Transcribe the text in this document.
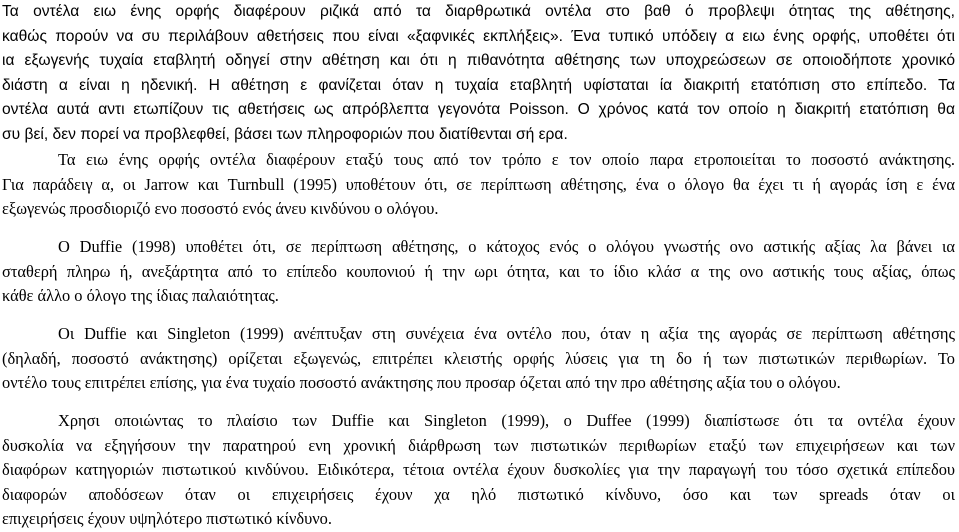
Τα οντέλα ειω ένης ορφής διαφέρουν ριζικά από τα διαρθρωτικά οντέλα στο βαθ ό προβλεψι ότητας της αθέτησης,
καθώς πορούν να συ περιλάβουν αθετήσεις που είναι «ξαφνικές εκπλήξεις». Ένα τυπικό υπόδειγ α ειω ένης ορφής, υποθέτει ότι
ια εξωγενής τυχαία εταβλητή οδηγεί στην αθέτηση και ότι η πιθανότητα αθέτησης των υποχρεώσεων σε οποιοδήποτε χρονικό
διάστη α είναι η ηδενική. Η αθέτηση ε φανίζεται όταν η τυχαία εταβλητή υφίσταται ία διακριτή ετατόπιση στο επίπεδο. Τα
οντέλα αυτά αντι ετωπίζουν τις αθετήσεις ως απρόβλεπτα γεγονότα Poisson. Ο χρόνος κατά τον οποίο η διακριτή ετατόπιση θα
συ βεί, δεν πορεί να προβλεφθεί, βάσει των πληροφοριών που διατίθενται σή ερα.
Τα ειω ένης ορφής οντέλα διαφέρουν εταξύ τους από τον τρόπο ε τον οποίο παρα ετροποιείται το ποσοστό ανάκτησης.
Για παράδειγ α, οι Jarrow και Turnbull (1995) υποθέτουν ότι, σε περίπτωση αθέτησης, ένα ο όλογο θα έχει τι ή αγοράς ίση ε ένα
εξωγενώς προσδιοριζό ενο ποσοστό ενός άνευ κινδύνου ο ολόγου.
Ο Duffie (1998) υποθέτει ότι, σε περίπτωση αθέτησης, ο κάτοχος ενός ο ολόγου γνωστής ονο αστικής αξίας λα βάνει ια
σταθερή πληρω ή, ανεξάρτητα από το επίπεδο κουπονιού ή την ωρι ότητα, και το ίδιο κλάσ α της ονο αστικής τους αξίας, όπως
κάθε άλλο ο όλογο της ίδιας παλαιότητας.
Οι Duffie και Singleton (1999) ανέπτυξαν στη συνέχεια ένα οντέλο που, όταν η αξία της αγοράς σε περίπτωση αθέτησης
(δηλαδή, ποσοστό ανάκτησης) ορίζεται εξωγενώς, επιτρέπει κλειστής ορφής λύσεις για τη δο ή των πιστωτικών περιθωρίων. Το
οντέλο τους επιτρέπει επίσης, για ένα τυχαίο ποσοστό ανάκτησης που προσαρ όζεται από την προ αθέτησης αξία του ο ολόγου.
Χρησι οποιώντας το πλαίσιο των Duffie και Singleton (1999), ο Duffee (1999) διαπίστωσε ότι τα οντέλα έχουν
δυσκολία να εξηγήσουν την παρατηρού ενη χρονική διάρθρωση των πιστωτικών περιθωρίων εταξύ των επιχειρήσεων και των
διαφόρων κατηγοριών πιστωτικού κινδύνου. Ειδικότερα, τέτοια οντέλα έχουν δυσκολίες για την παραγωγή του τόσο σχετικά επίπεδου
διαφορών αποδόσεων όταν οι επιχειρήσεις έχουν χα ηλό πιστωτικό κίνδυνο, όσο και των spreads όταν οι
επιχειρήσεις έχουν υψηλότερο πιστωτικό κίνδυνο.
